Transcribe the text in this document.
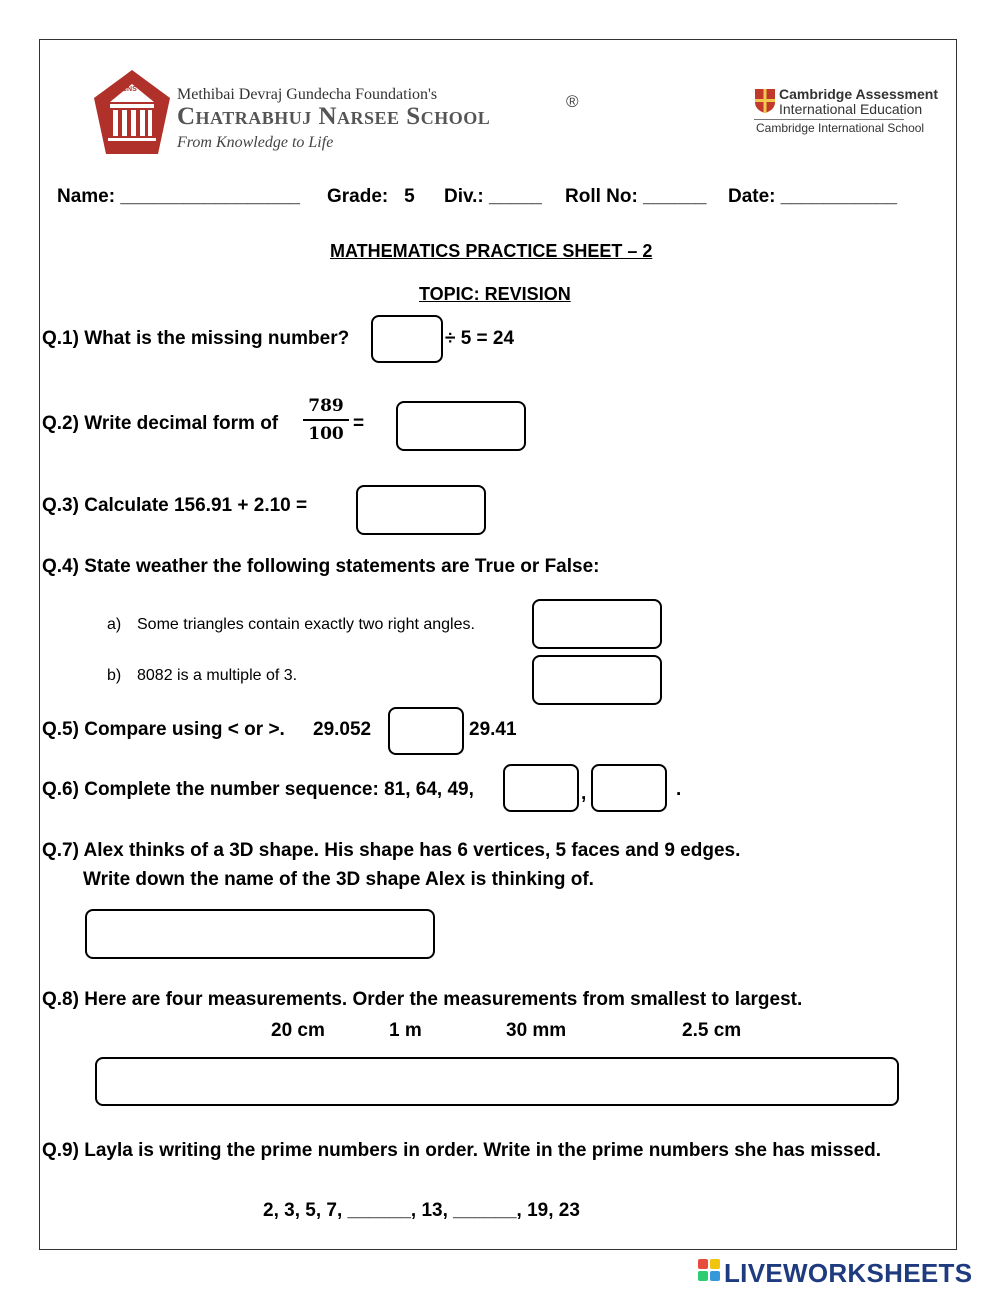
CNS	Methibai Devraj Gundecha Foundation's
Chatrabhuj Narsee School
®
From Knowledge to Life
Cambridge Assessment
International Education
Cambridge International School
Name: _________________ Grade:   5 Div.: _____ Roll No: ______ Date: ___________
MATHEMATICS PRACTICE SHEET – 2
TOPIC: REVISION
Q.1) What is the missing number?	÷ 5 = 24
Q.2) Write decimal form of
789
100 =
Q.3) Calculate 156.91 + 2.10 =
Q.4) State weather the following statements are True or False:
a) Some triangles contain exactly two right angles.
b) 8082 is a multiple of 3.
Q.5) Compare using < or >. 29.052	29.41
Q.6) Complete the number sequence: 81, 64, 49,	,	.
Q.7) Alex thinks of a 3D shape. His shape has 6 vertices, 5 faces and 9 edges.
Write down the name of the 3D shape Alex is thinking of.
Q.8) Here are four measurements. Order the measurements from smallest to largest.
20 cm	1 m	30 mm	2.5 cm
Q.9) Layla is writing the prime numbers in order. Write in the prime numbers she has missed.
2, 3, 5, 7, ______, 13, ______, 19, 23
LIVEWORKSHEETS
